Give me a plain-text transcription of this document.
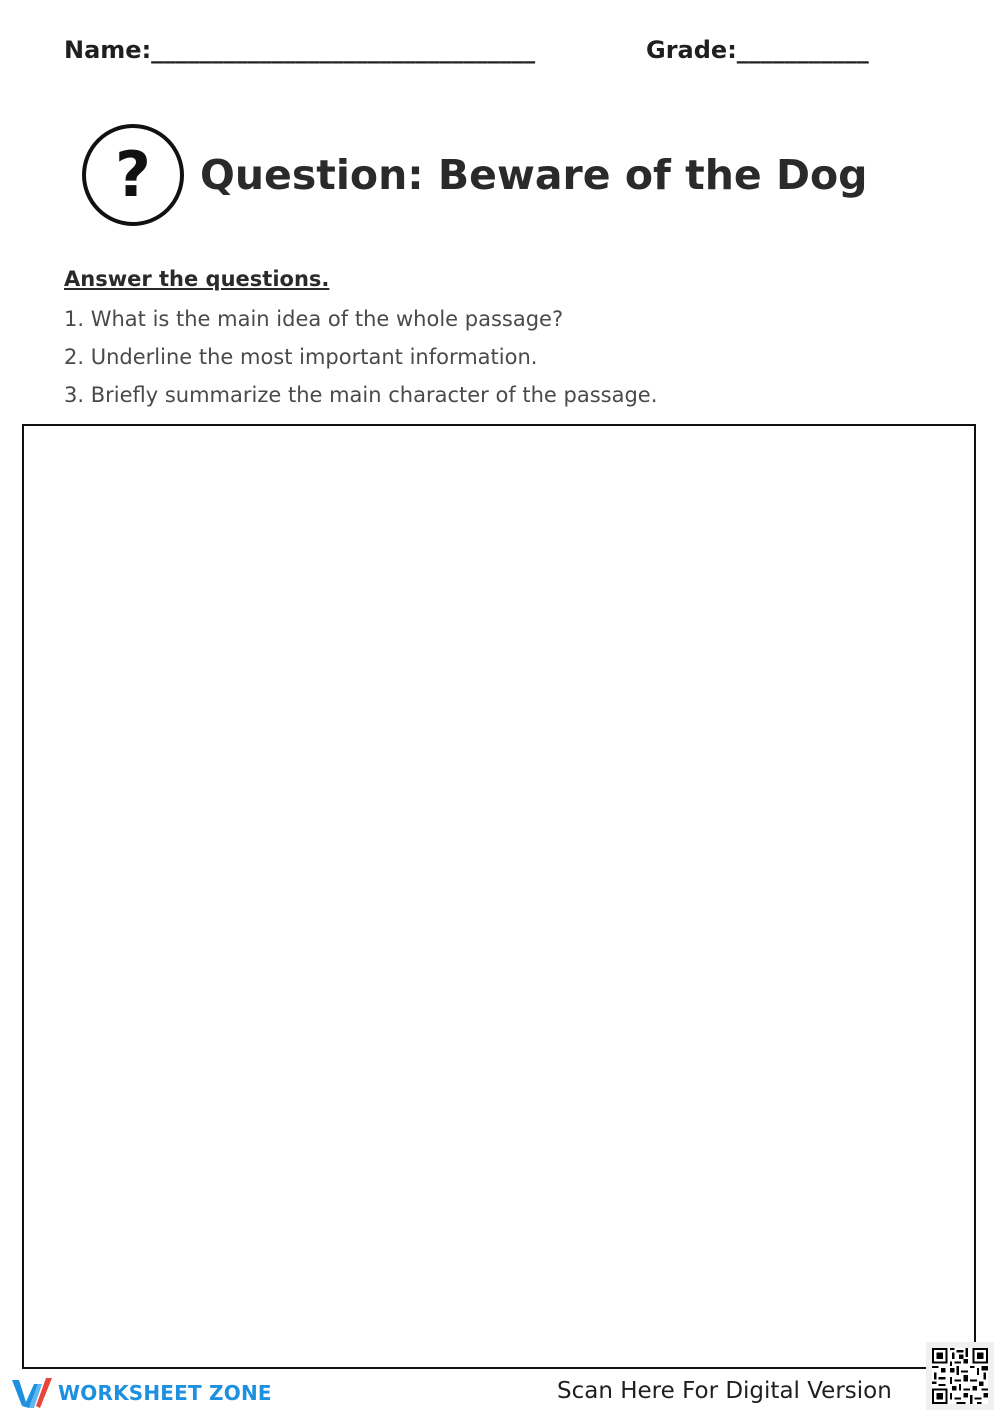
Name:________________________________	Grade:___________
? Question: Beware of the Dog
Answer the questions.
1. What is the main idea of the whole passage?
2. Underline the most important information.
3. Briefly summarize the main character of the passage.
WORKSHEET ZONE	Scan Here For Digital Version
